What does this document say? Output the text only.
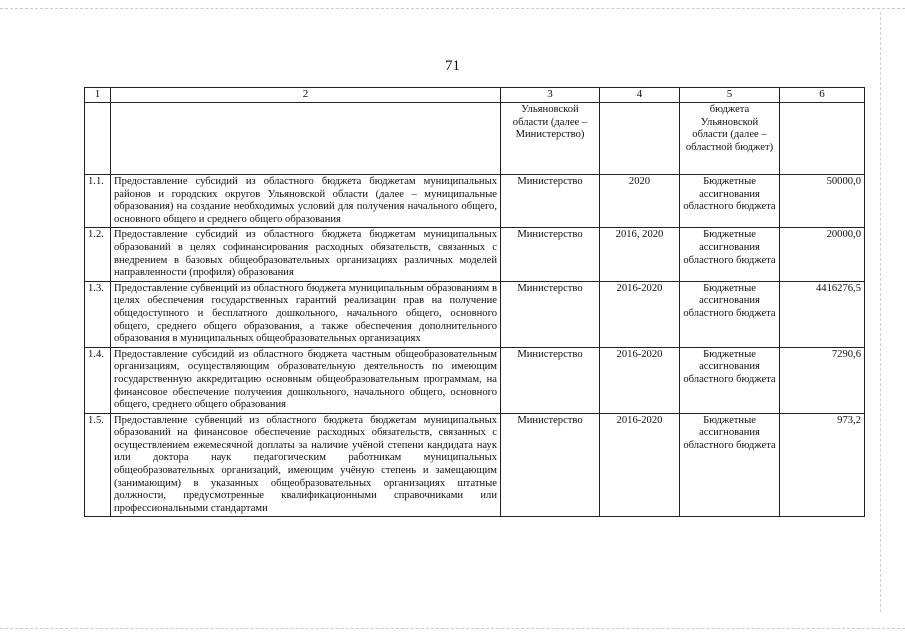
71
1	2	3	4	5	6
		Ульяновской области (далее – Министерство)		бюджета Ульяновской области (далее – областной бюджет)	
1.1.	Предоставление субсидий из областного бюджета бюджетам муниципальных районов и городских округов Ульяновской области (далее – муниципальные образования) на создание необходимых условий для получения начального общего, основного общего и среднего общего образования	Министерство	2020	Бюджетные ассигнования областного бюджета	50000,0
1.2.	Предоставление субсидий из областного бюджета бюджетам муниципальных образований в целях софинансирования расходных обязательств, связанных с внедрением в базовых общеобразовательных организациях различных моделей направленности (профиля) образования	Министерство	2016, 2020	Бюджетные ассигнования областного бюджета	20000,0
1.3.	Предоставление субвенций из областного бюджета муниципальным образованиям в целях обеспечения государственных гарантий реализации прав на получение общедоступного и бесплатного дошкольного, начального общего, основного общего, среднего общего образования, а также обеспечения дополнительного образования в муниципальных общеобразовательных организациях	Министерство	2016-2020	Бюджетные ассигнования областного бюджета	4416276,5
1.4.	Предоставление субсидий из областного бюджета частным общеобразовательным организациям, осуществляющим образовательную деятельность по имеющим государственную аккредитацию основным общеобразовательным программам, на финансовое обеспечение получения дошкольного, начального общего, основного общего, среднего общего образования	Министерство	2016-2020	Бюджетные ассигнования областного бюджета	7290,6
1.5.	Предоставление субвенций из областного бюджета бюджетам муниципальных образований на финансовое обеспечение расходных обязательств, связанных с осуществлением ежемесячной доплаты за наличие учёной степени кандидата наук или доктора наук педагогическим работникам муниципальных общеобразовательных организаций, имеющим учёную степень и замещающим (занимающим) в указанных общеобразовательных организациях штатные должности, предусмотренные квалификационными справочниками или профессиональными стандартами	Министерство	2016-2020	Бюджетные ассигнования областного бюджета	973,2
